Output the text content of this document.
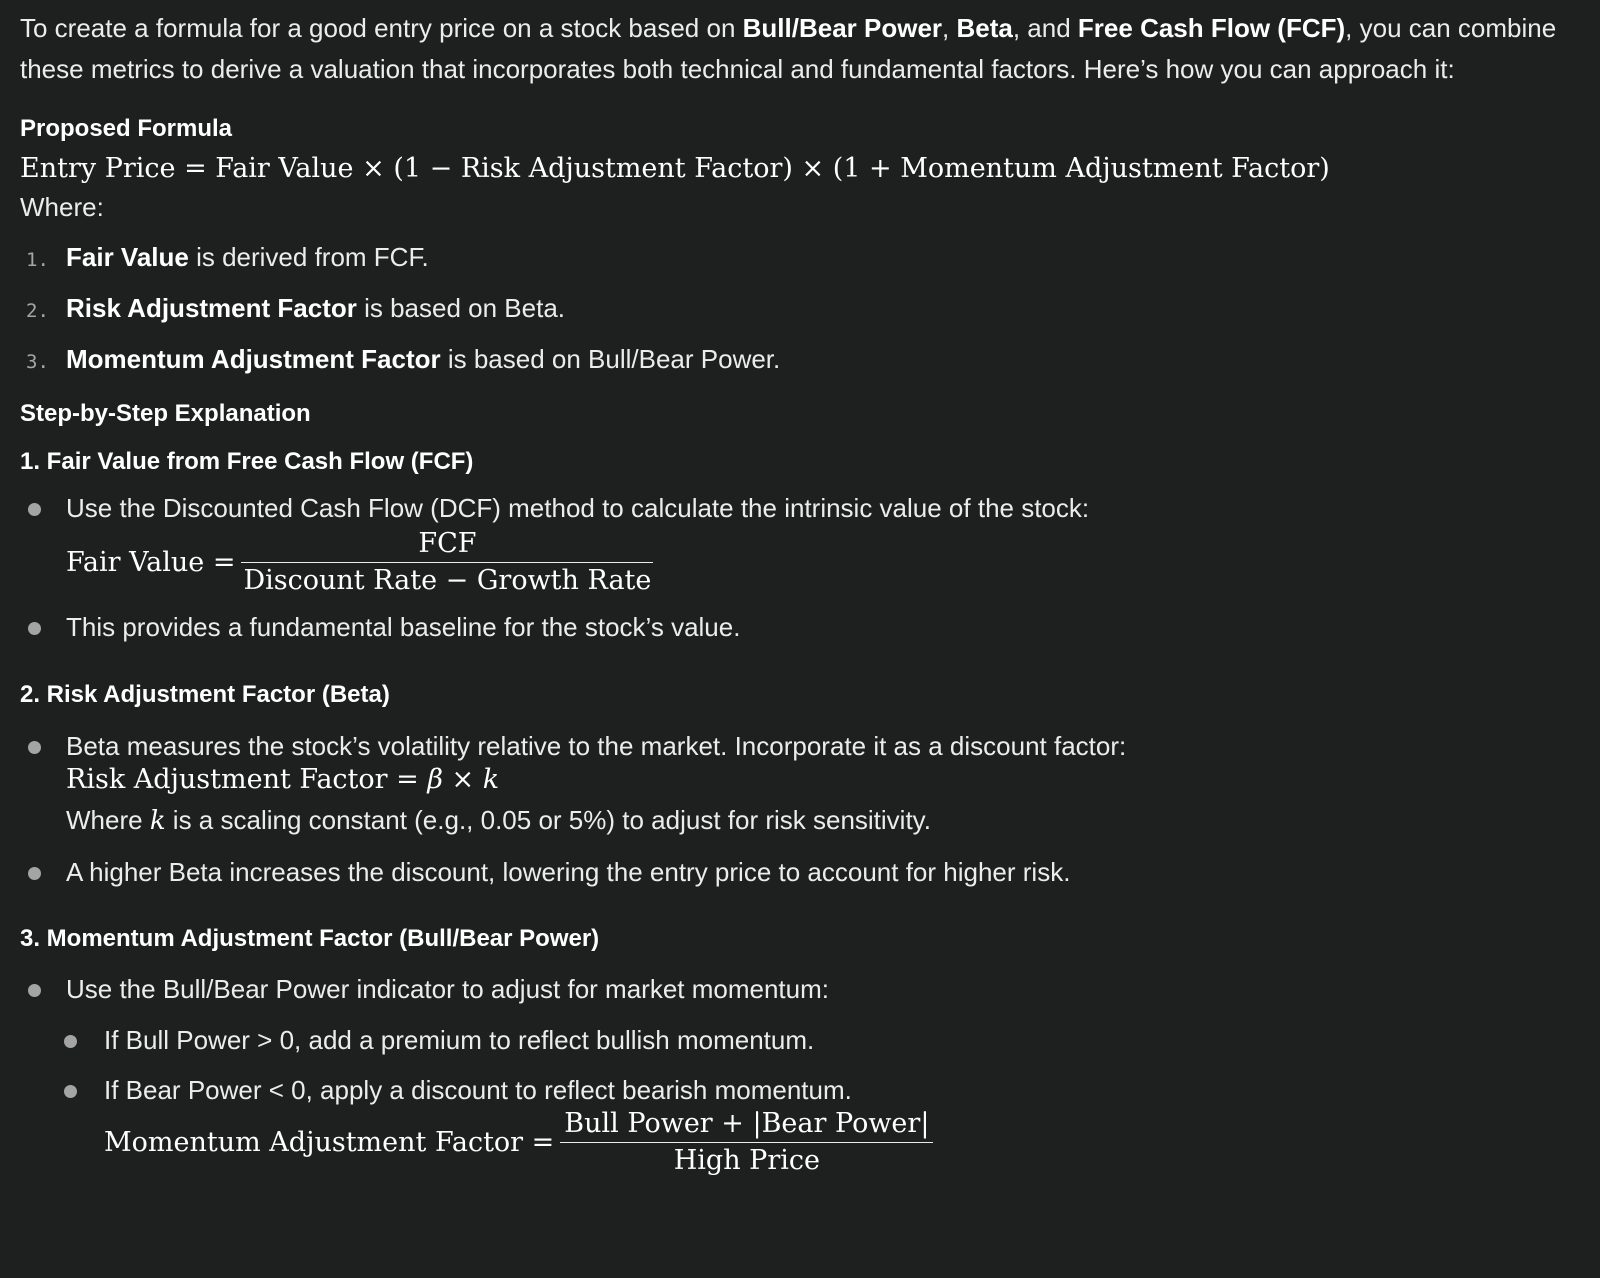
To create a formula for a good entry price on a stock based on Bull/Bear Power, Beta, and Free Cash Flow (FCF), you can combine these metrics to derive a valuation that incorporates both technical and fundamental factors. Here’s how you can approach it:

Proposed Formula
Entry Price = Fair Value × (1 − Risk Adjustment Factor) × (1 + Momentum Adjustment Factor)
Where:
1. Fair Value is derived from FCF.
2. Risk Adjustment Factor is based on Beta.
3. Momentum Adjustment Factor is based on Bull/Bear Power.
Step-by-Step Explanation
1. Fair Value from Free Cash Flow (FCF)
Use the Discounted Cash Flow (DCF) method to calculate the intrinsic value of the stock:
Fair Value = $\frac{\text{FCF}}{\text{Discount Rate − Growth Rate}}$
This provides a fundamental baseline for the stock’s value.
2. Risk Adjustment Factor (Beta)
Beta measures the stock’s volatility relative to the market. Incorporate it as a discount factor:
Risk Adjustment Factor = β × k
Where k is a scaling constant (e.g., 0.05 or 5%) to adjust for risk sensitivity.
A higher Beta increases the discount, lowering the entry price to account for higher risk.
3. Momentum Adjustment Factor (Bull/Bear Power)
Use the Bull/Bear Power indicator to adjust for market momentum:
If Bull Power > 0, add a premium to reflect bullish momentum.
If Bear Power < 0, apply a discount to reflect bearish momentum.
Momentum Adjustment Factor = $\frac{\text{Bull Power + |Bear Power|}}{\text{High Price}}$
